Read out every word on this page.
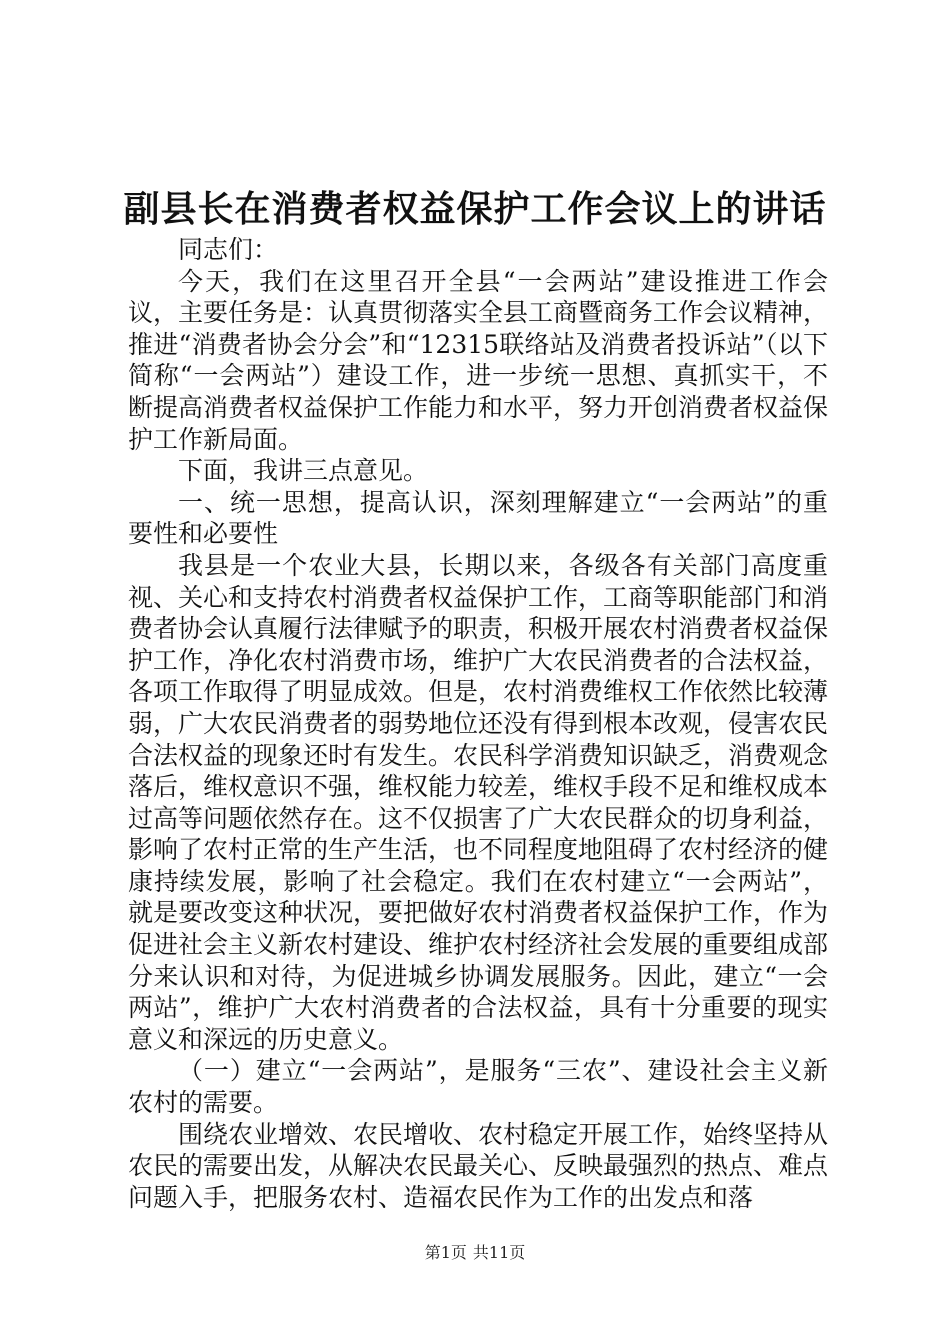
副县长在消费者权益保护工作会议上的讲话

同志们：

今天，我们在这里召开全县“一会两站”建设推进工作会议，主要任务是：认真贯彻落实全县工商暨商务工作会议精神，推进“消费者协会分会”和“12315联络站及消费者投诉站”（以下简称“一会两站”）建设工作，进一步统一思想、真抓实干，不断提高消费者权益保护工作能力和水平，努力开创消费者权益保护工作新局面。

下面，我讲三点意见。

一、统一思想，提高认识，深刻理解建立“一会两站”的重要性和必要性

我县是一个农业大县，长期以来，各级各有关部门高度重视、关心和支持农村消费者权益保护工作，工商等职能部门和消费者协会认真履行法律赋予的职责，积极开展农村消费者权益保护工作，净化农村消费市场，维护广大农民消费者的合法权益，各项工作取得了明显成效。但是，农村消费维权工作依然比较薄弱，广大农民消费者的弱势地位还没有得到根本改观，侵害农民合法权益的现象还时有发生。农民科学消费知识缺乏，消费观念落后，维权意识不强，维权能力较差，维权手段不足和维权成本过高等问题依然存在。这不仅损害了广大农民群众的切身利益，影响了农村正常的生产生活，也不同程度地阻碍了农村经济的健康持续发展，影响了社会稳定。我们在农村建立“一会两站”，就是要改变这种状况，要把做好农村消费者权益保护工作，作为促进社会主义新农村建设、维护农村经济社会发展的重要组成部分来认识和对待，为促进城乡协调发展服务。因此，建立“一会两站”，维护广大农村消费者的合法权益，具有十分重要的现实意义和深远的历史意义。

（一）建立“一会两站”，是服务“三农”、建设社会主义新农村的需要。

围绕农业增效、农民增收、农村稳定开展工作，始终坚持从农民的需要出发，从解决农民最关心、反映最强烈的热点、难点问题入手，把服务农村、造福农民作为工作的出发点和落

第1页 共11页
